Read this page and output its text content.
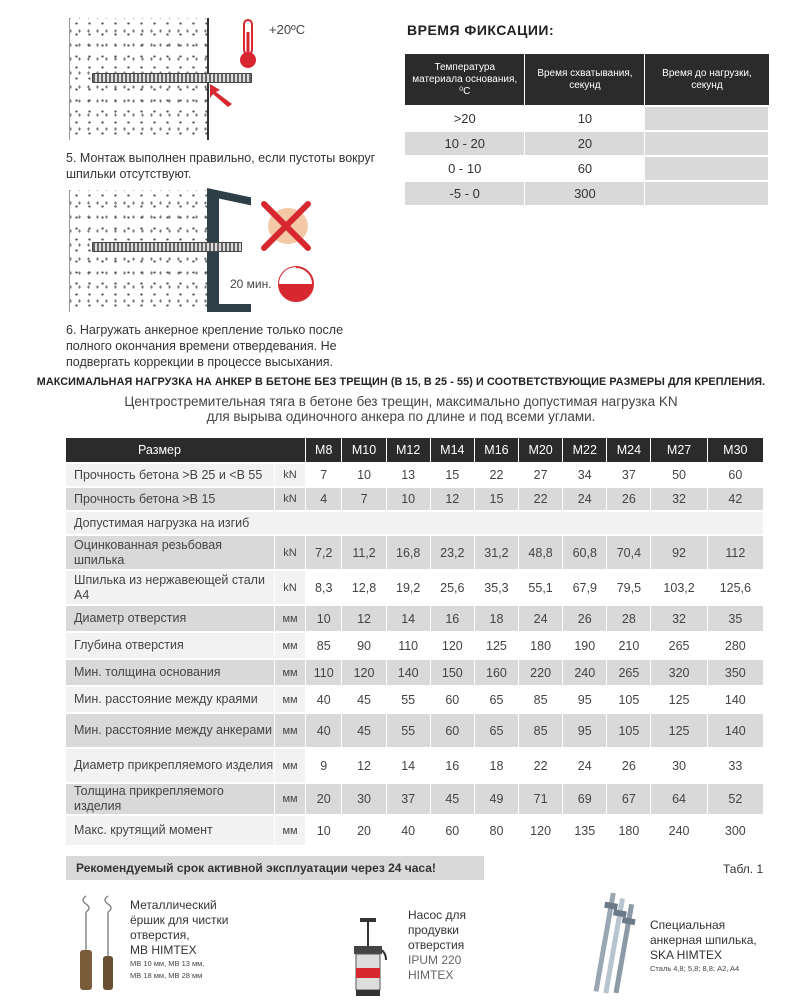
+20ºC
5. Монтаж выполнен правильно, если пустоты вокруг
шпильки отсутствуют.
20 мин.
6. Нагружать анкерное крепление только после
полного окончания времени отвердевания. Не
подвергать коррекции в процессе высыхания.
ВРЕМЯ ФИКСАЦИИ:
Температура материала основания, ⁰С	Время схватывания, секунд	Время до нагрузки, секунд
>20	10	
10 - 20	20	
0 - 10	60	
-5 - 0	300	
МАКСИМАЛЬНАЯ НАГРУЗКА НА АНКЕР В БЕТОНЕ БЕЗ ТРЕЩИН (В 15, В 25 - 55) И СООТВЕТСТВУЮЩИЕ РАЗМЕРЫ ДЛЯ КРЕПЛЕНИЯ.
Центростремительная тяга в бетоне без трещин, максимально допустимая нагрузка KN
для вырыва одиночного анкера по длине и под всеми углами.
Размер		M8	M10	M12	M14	M16	M20	M22	M24	M27	M30
Прочность бетона >В 25 и <В 55	kN	7	10	13	15	22	27	34	37	50	60
Прочность бетона >В 15	kN	4	7	10	12	15	22	24	26	32	42
Допустимая нагрузка на изгиб											
Оцинкованная резьбовая шпилька	kN	7,2	11,2	16,8	23,2	31,2	48,8	60,8	70,4	92	112
Шпилька из нержавеющей стали А4	kN	8,3	12,8	19,2	25,6	35,3	55,1	67,9	79,5	103,2	125,6
Диаметр отверстия	мм	10	12	14	16	18	24	26	28	32	35
Глубина отверстия	мм	85	90	110	120	125	180	190	210	265	280
Мин. толщина основания	мм	110	120	140	150	160	220	240	265	320	350
Мин. расстояние между краями	мм	40	45	55	60	65	85	95	105	125	140
Мин. расстояние между анкерами	мм	40	45	55	60	65	85	95	105	125	140
Диаметр прикрепляемого изделия	мм	9	12	14	16	18	22	24	26	30	33
Толщина прикрепляемого изделия	мм	20	30	37	45	49	71	69	67	64	52
Макс. крутящий момент	мм	10	20	40	60	80	120	135	180	240	300
Рекомендуемый срок активной эксплуатации через 24 часа!	Табл. 1
Металлический
ёршик для чистки
отверстия,
MB HIMTEX
MB 10 мм, MB 13 мм,
MB 18 мм, MB 28 мм
Насос для
продувки
отверстия
IPUM 220
HIMTEX
Специальная
анкерная шпилька,
SKA HIMTEX
Сталь 4,8; 5,8; 8,8; A2, A4
